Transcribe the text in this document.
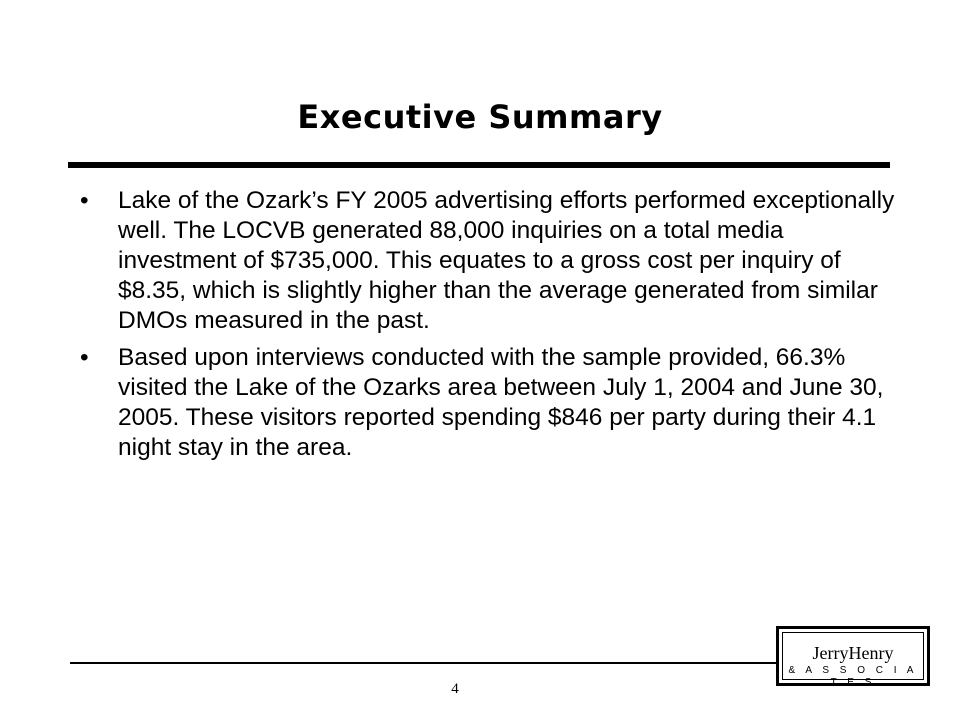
Executive Summary
•	Lake of the Ozark’s FY 2005 advertising efforts performed exceptionally well. The LOCVB generated 88,000 inquiries on a total media investment of $735,000. This equates to a gross cost per inquiry of $8.35, which is slightly higher than the average generated from similar DMOs measured in the past.
•	Based upon interviews conducted with the sample provided, 66.3% visited the Lake of the Ozarks area between July 1, 2004 and June 30, 2005. These visitors reported spending $846 per party during their 4.1 night stay in the area.
4
JerryHenry
& A S S O C I A T E S
